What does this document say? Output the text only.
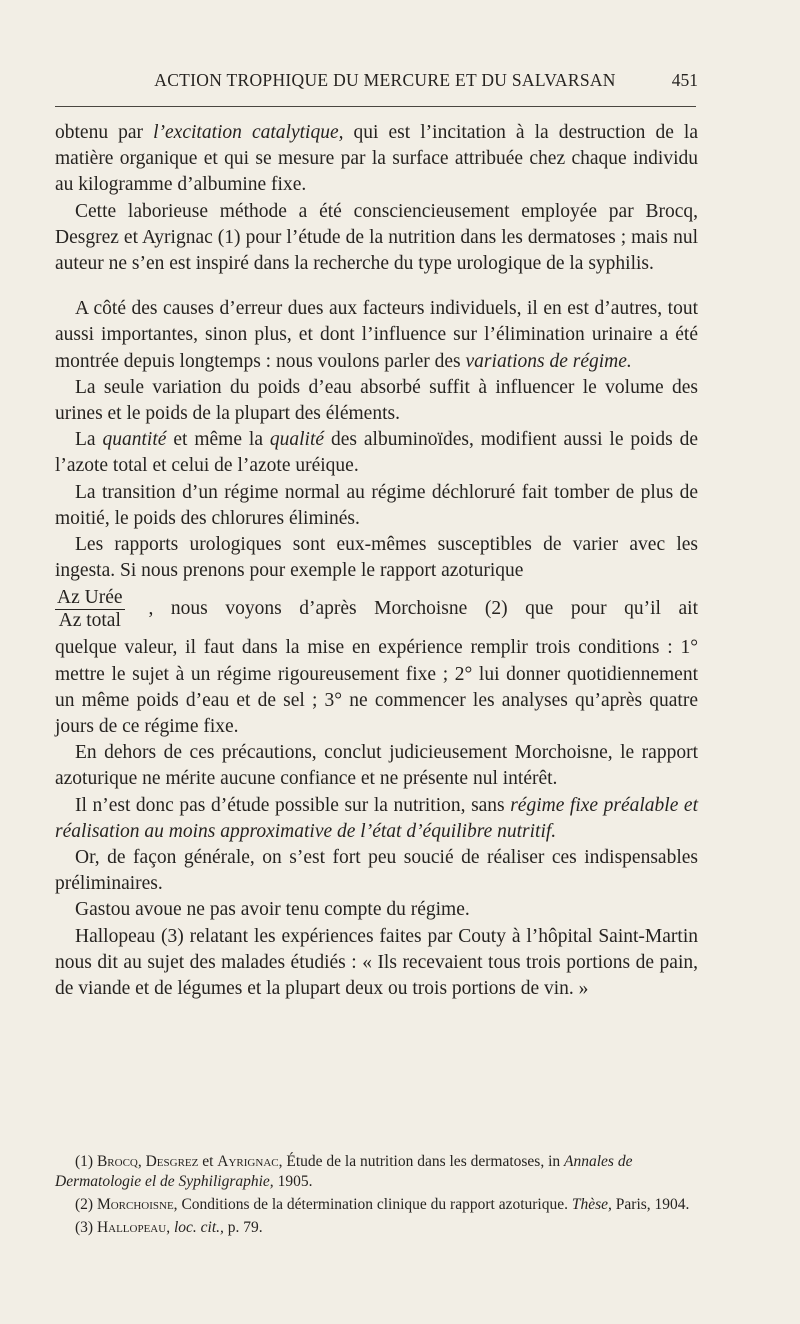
ACTION TROPHIQUE DU MERCURE ET DU SALVARSAN	451

obtenu par l’excitation catalytique, qui est l’incitation à la destruction de la matière organique et qui se mesure par la surface attribuée chez chaque individu au kilogramme d’albumine fixe.

Cette laborieuse méthode a été consciencieusement employée par Brocq, Desgrez et Ayrignac (1) pour l’étude de la nutrition dans les dermatoses ; mais nul auteur ne s’en est inspiré dans la recherche du type urologique de la syphilis.

A côté des causes d’erreur dues aux facteurs individuels, il en est d’autres, tout aussi importantes, sinon plus, et dont l’influence sur l’élimination urinaire a été montrée depuis longtemps : nous voulons parler des variations de régime.

La seule variation du poids d’eau absorbé suffit à influencer le volume des urines et le poids de la plupart des éléments.

La quantité et même la qualité des albuminoïdes, modifient aussi le poids de l’azote total et celui de l’azote uréique.

La transition d’un régime normal au régime déchloruré fait tomber de plus de moitié, le poids des chlorures éliminés.

Les rapports urologiques sont eux-mêmes susceptibles de varier avec les ingesta. Si nous prenons pour exemple le rapport azoturique

$\frac{\text{Az Urée}}{\text{Az total}}$ , nous voyons d’après Morchoisne (2) que pour qu’il ait

quelque valeur, il faut dans la mise en expérience remplir trois conditions : 1° mettre le sujet à un régime rigoureusement fixe ; 2° lui donner quotidiennement un même poids d’eau et de sel ; 3° ne commencer les analyses qu’après quatre jours de ce régime fixe.

En dehors de ces précautions, conclut judicieusement Morchoisne, le rapport azoturique ne mérite aucune confiance et ne présente nul intérêt.

Il n’est donc pas d’étude possible sur la nutrition, sans régime fixe préalable et réalisation au moins approximative de l’état d’équilibre nutritif.

Or, de façon générale, on s’est fort peu soucié de réaliser ces indispensables préliminaires.

Gastou avoue ne pas avoir tenu compte du régime.

Hallopeau (3) relatant les expériences faites par Couty à l’hôpital Saint-Martin nous dit au sujet des malades étudiés : « Ils recevaient tous trois portions de pain, de viande et de légumes et la plupart deux ou trois portions de vin. »

(1) Brocq, Desgrez et Ayrignac, Étude de la nutrition dans les dermatoses, in Annales de Dermatologie el de Syphiligraphie, 1905.

(2) Morchoisne, Conditions de la détermination clinique du rapport azoturique. Thèse, Paris, 1904.

(3) Hallopeau, loc. cit., p. 79.
